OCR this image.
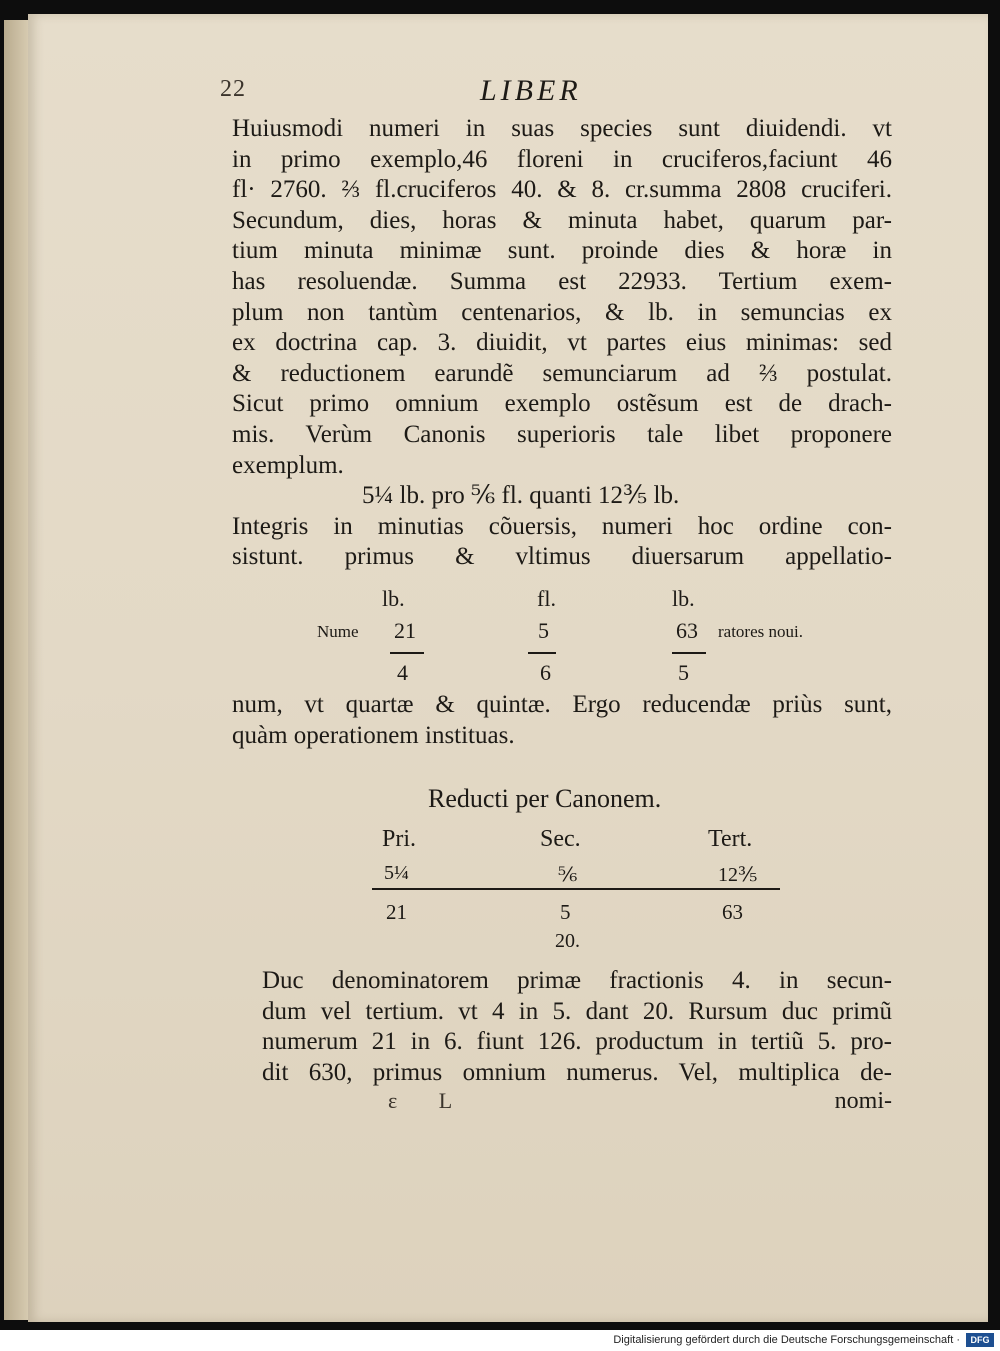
22	LIBER
Huiusmodi numeri in suas species sunt diuidendi. vt
in primo exemplo,46 floreni in cruciferos,faciunt 46
fl· 2760. ⅔ fl.cruciferos 40. & 8. cr.summa 2808 cruciferi.
Secundum, dies, horas & minuta habet, quarum par-
tium minuta minimæ sunt. proinde dies & horæ in
has resoluendæ. Summa est 22933. Tertium exem-
plum non tantùm centenarios, & lb. in semuncias ex
ex doctrina cap. 3. diuidit, vt partes eius minimas: sed
& reductionem earundẽ semunciarum ad ⅔ postulat.
Sicut primo omnium exemplo ostẽsum est de drach-
mis. Verùm Canonis superioris tale libet proponere
exemplum.
5¼ lb. pro ⅚ fl. quanti 12⅗ lb.
Integris in minutias cõuersis, numeri hoc ordine con-
sistunt. primus & vltimus diuersarum appellatio-
lb.	fl.	lb.
Nume 21	5	63 ratores noui.
4	6	5
num, vt quartæ & quintæ. Ergo reducendæ priùs sunt,
quàm operationem instituas.
Reducti per Canonem.
Pri.	Sec.	Tert.
5¼	⅚	12⅗
21	5	63
20.
Duc denominatorem primæ fractionis 4. in secun-
dum vel tertium. vt 4 in 5. dant 20. Rursum duc primũ
numerum 21 in 6. fiunt 126. productum in tertiũ 5. pro-
dit 630, primus omnium numerus. Vel, multiplica de-
ε L	nomi-
Digitalisierung gefördert durch die Deutsche Forschungsgemeinschaft ·	DFG
